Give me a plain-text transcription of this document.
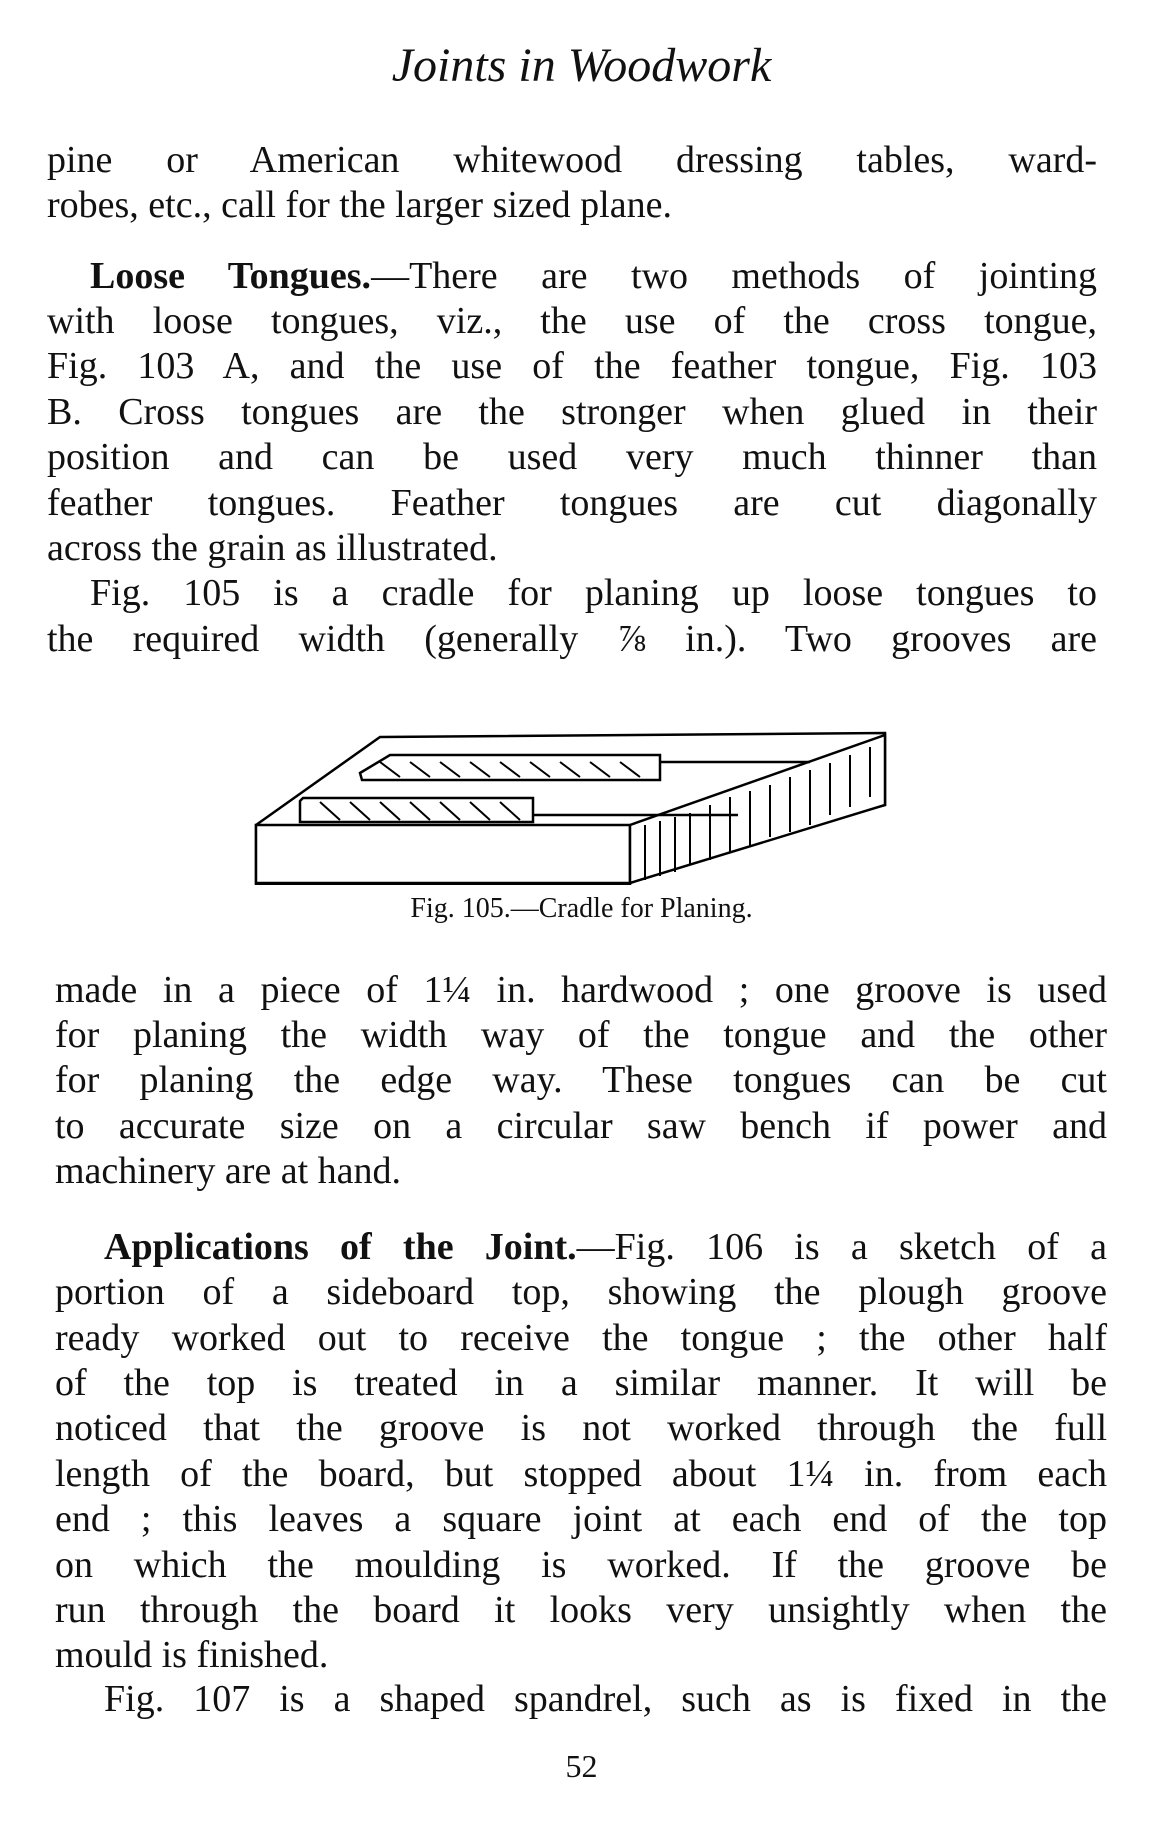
Joints in Woodwork
pine or American whitewood dressing tables, ward-
robes, etc., call for the larger sized plane.
Loose Tongues.—There are two methods of jointing
with loose tongues, viz., the use of the cross tongue,
Fig. 103 A, and the use of the feather tongue, Fig. 103
B. Cross tongues are the stronger when glued in their
position and can be used very much thinner than
feather tongues. Feather tongues are cut diagonally
across the grain as illustrated.
Fig. 105 is a cradle for planing up loose tongues to
the required width (generally ⅞ in.). Two grooves are
Fig. 105.—Cradle for Planing.
made in a piece of 1¼ in. hardwood ; one groove is used
for planing the width way of the tongue and the other
for planing the edge way. These tongues can be cut
to accurate size on a circular saw bench if power and
machinery are at hand.
Applications of the Joint.—Fig. 106 is a sketch of a
portion of a sideboard top, showing the plough groove
ready worked out to receive the tongue ; the other half
of the top is treated in a similar manner. It will be
noticed that the groove is not worked through the full
length of the board, but stopped about 1¼ in. from each
end ; this leaves a square joint at each end of the top
on which the moulding is worked. If the groove be
run through the board it looks very unsightly when the
mould is finished.
Fig. 107 is a shaped spandrel, such as is fixed in the
52
